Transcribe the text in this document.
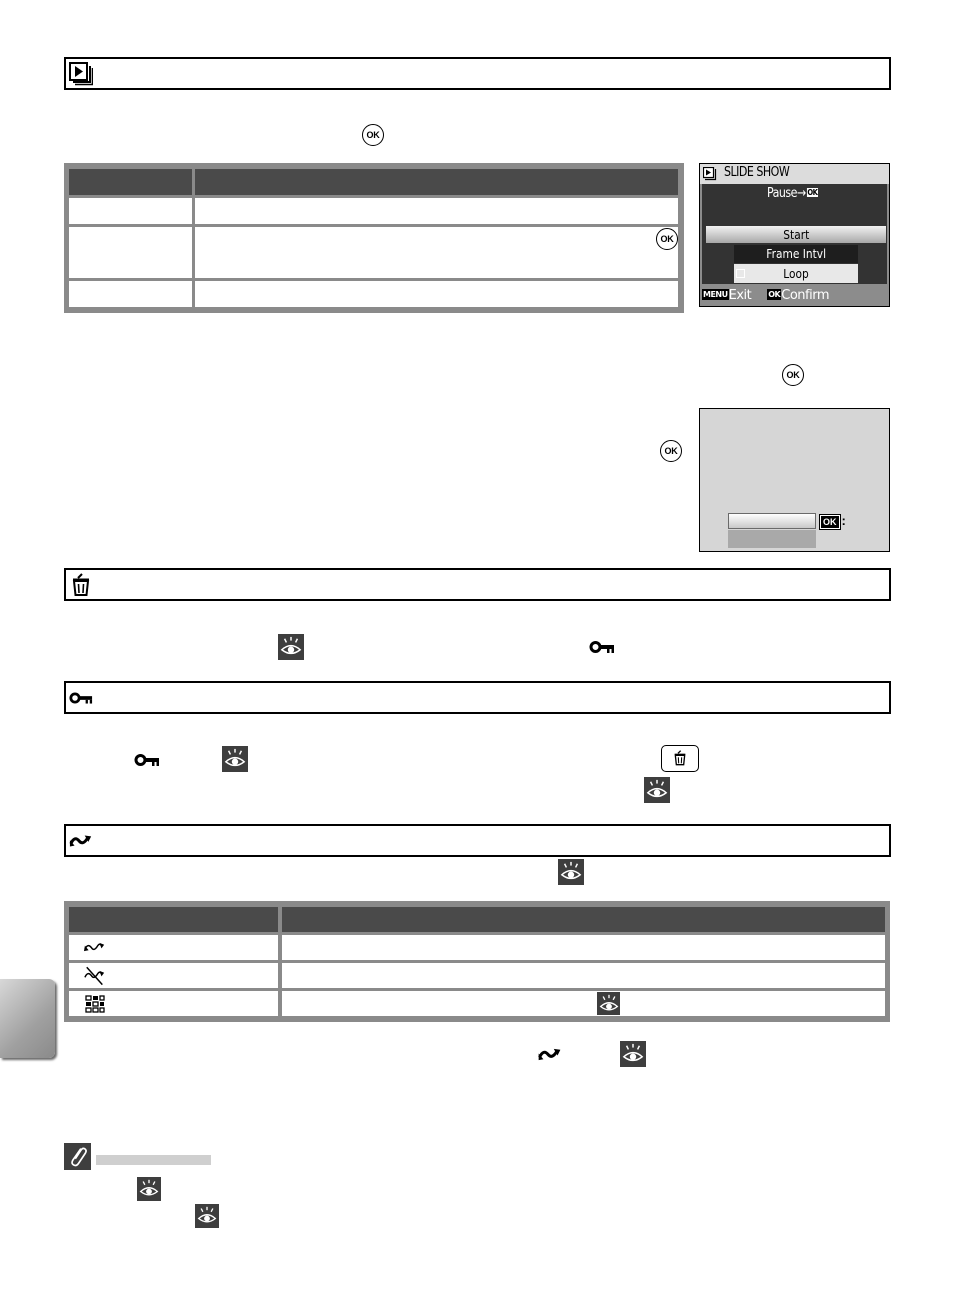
OK
OK
SLIDE SHOW
Pause→ OK
Start
Frame Intvl
Loop
MENUExit OKConfirm
OK
OK
OK :
